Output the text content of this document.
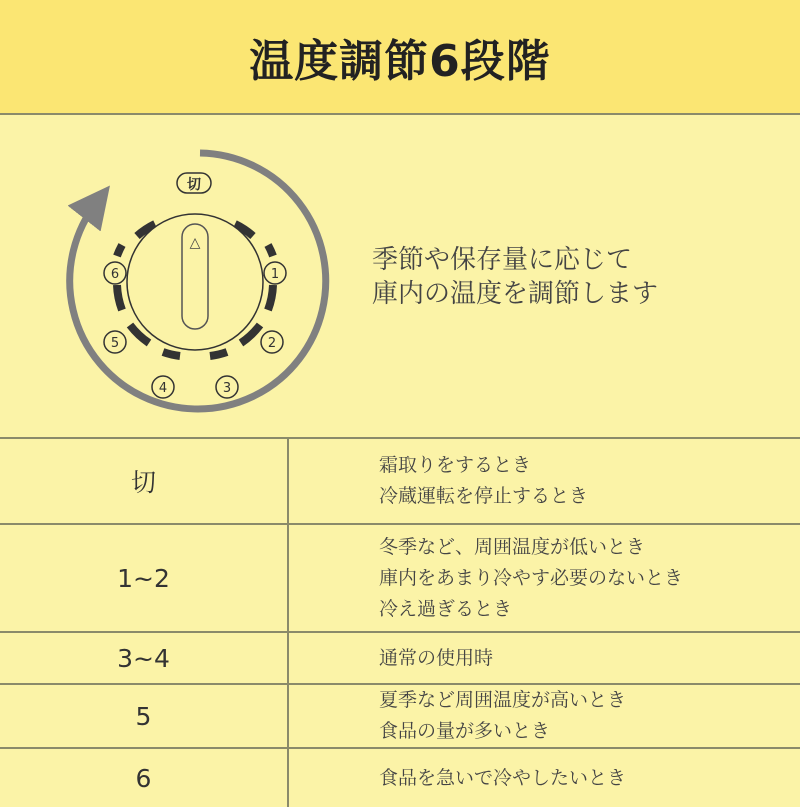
温度調節6段階
△
切
1
2
3
4
5
6	季節や保存量に応じて
庫内の温度を調節します
切	霜取りをするとき
冷蔵運転を停止するとき

1~2	冬季など、周囲温度が低いとき
庫内をあまり冷やす必要のないとき
冷え過ぎるとき

3~4	通常の使用時

5	夏季など周囲温度が高いとき
食品の量が多いとき

6	食品を急いで冷やしたいとき
